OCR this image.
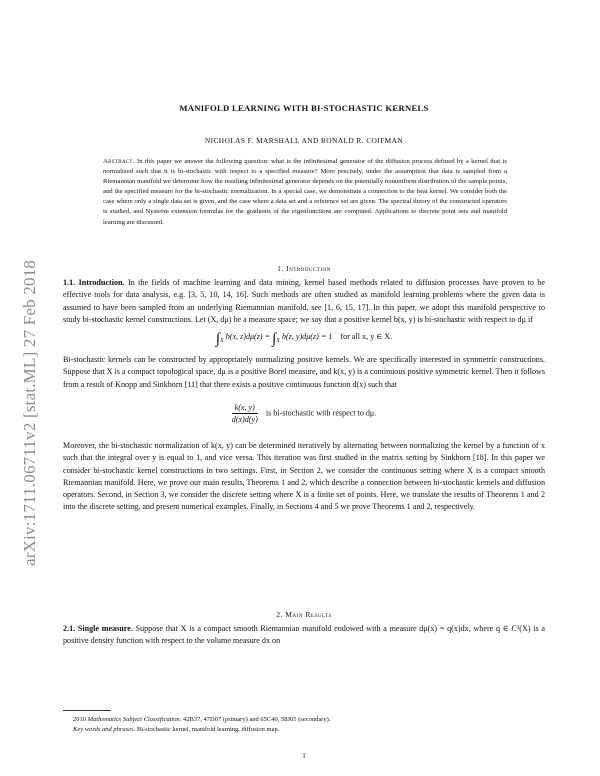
arXiv:1711.06711v2 [stat.ML] 27 Feb 2018
MANIFOLD LEARNING WITH BI-STOCHASTIC KERNELS
NICHOLAS F. MARSHALL AND RONALD R. COIFMAN
Abstract. In this paper we answer the following question: what is the infinitesimal generator of the diffusion process defined by a kernel that is normalized such that it is bi-stochastic with respect to a specified measure? More precisely, under the assumption that data is sampled from a Riemannian manifold we determine how the resulting infinitesimal generator depends on the potentially nonuniform distribution of the sample points, and the specified measure for the bi-stochastic normalization. In a special case, we demonstrate a connection to the heat kernel. We consider both the case where only a single data set is given, and the case where a data set and a reference set are given. The spectral theory of the constructed operators is studied, and Nyström extension formulas for the gradients of the eigenfunctions are computed. Applications to discrete point sets and manifold learning are discussed.
1. Introduction
1.1. Introduction. In the fields of machine learning and data mining, kernel based methods related to diffusion processes have proven to be effective tools for data analysis, e.g. [3, 5, 10, 14, 16]. Such methods are often studied as manifold learning problems where the given data is assumed to have been sampled from an underlying Riemannian manifold, see [1, 6, 15, 17]. In this paper, we adopt this manifold perspective to study bi-stochastic kernel constructions. Let (X, dμ) be a measure space; we say that a positive kernel b(x, y) is bi-stochastic with respect to dμ if
$\int_X$ b(x, $z)d\mu(z) = \int_X$ b(z, y)dμ(z) = 1 for all x, y ∈ X.
Bi-stochastic kernels can be constructed by appropriately normalizing positive kernels. We are specifically interested in symmetric constructions. Suppose that X is a compact topological space, dμ is a positive Borel measure, and k(x, y) is a continuous positive symmetric kernel. Then it follows from a result of Knopp and Sinkhorn [11] that there exists a positive continuous function d(x) such that
$\frac{k(x, y)}{d(x)d(y)}$ is bi-stochastic with respect to dμ.
Moreover, the bi-stochastic normalization of k(x, y) can be determined iteratively by alternating between normalizing the kernel by a function of x such that the integral over y is equal to 1, and vice versa. This iteration was first studied in the matrix setting by Sinkhorn [18]. In this paper we consider bi-stochastic kernel constructions in two settings. First, in Section 2, we consider the continuous setting where X is a compact smooth Riemannian manifold. Here, we prove our main results, Theorems 1 and 2, which describe a connection between bi-stochastic kernels and diffusion operators. Second, in Section 3, we consider the discrete setting where X is a finite set of points. Here, we translate the results of Theorems 1 and 2 into the discrete setting, and present numerical examples. Finally, in Sections 4 and 5 we prove Theorems 1 and 2, respectively.
2. Main Results
2.1. Single measure. Suppose that X is a compact smooth Riemannian manifold endowed with a measure dμ(x) = q(x)dx, where q ∈ C³(X) is a positive density function with respect to the volume measure dx on
2010 Mathematics Subject Classification. 42B37, 47D07 (primary) and 65C40, 58J65 (secondary).
Key words and phrases. Bi-stochastic kernel, manifold learning, diffusion map.
1
